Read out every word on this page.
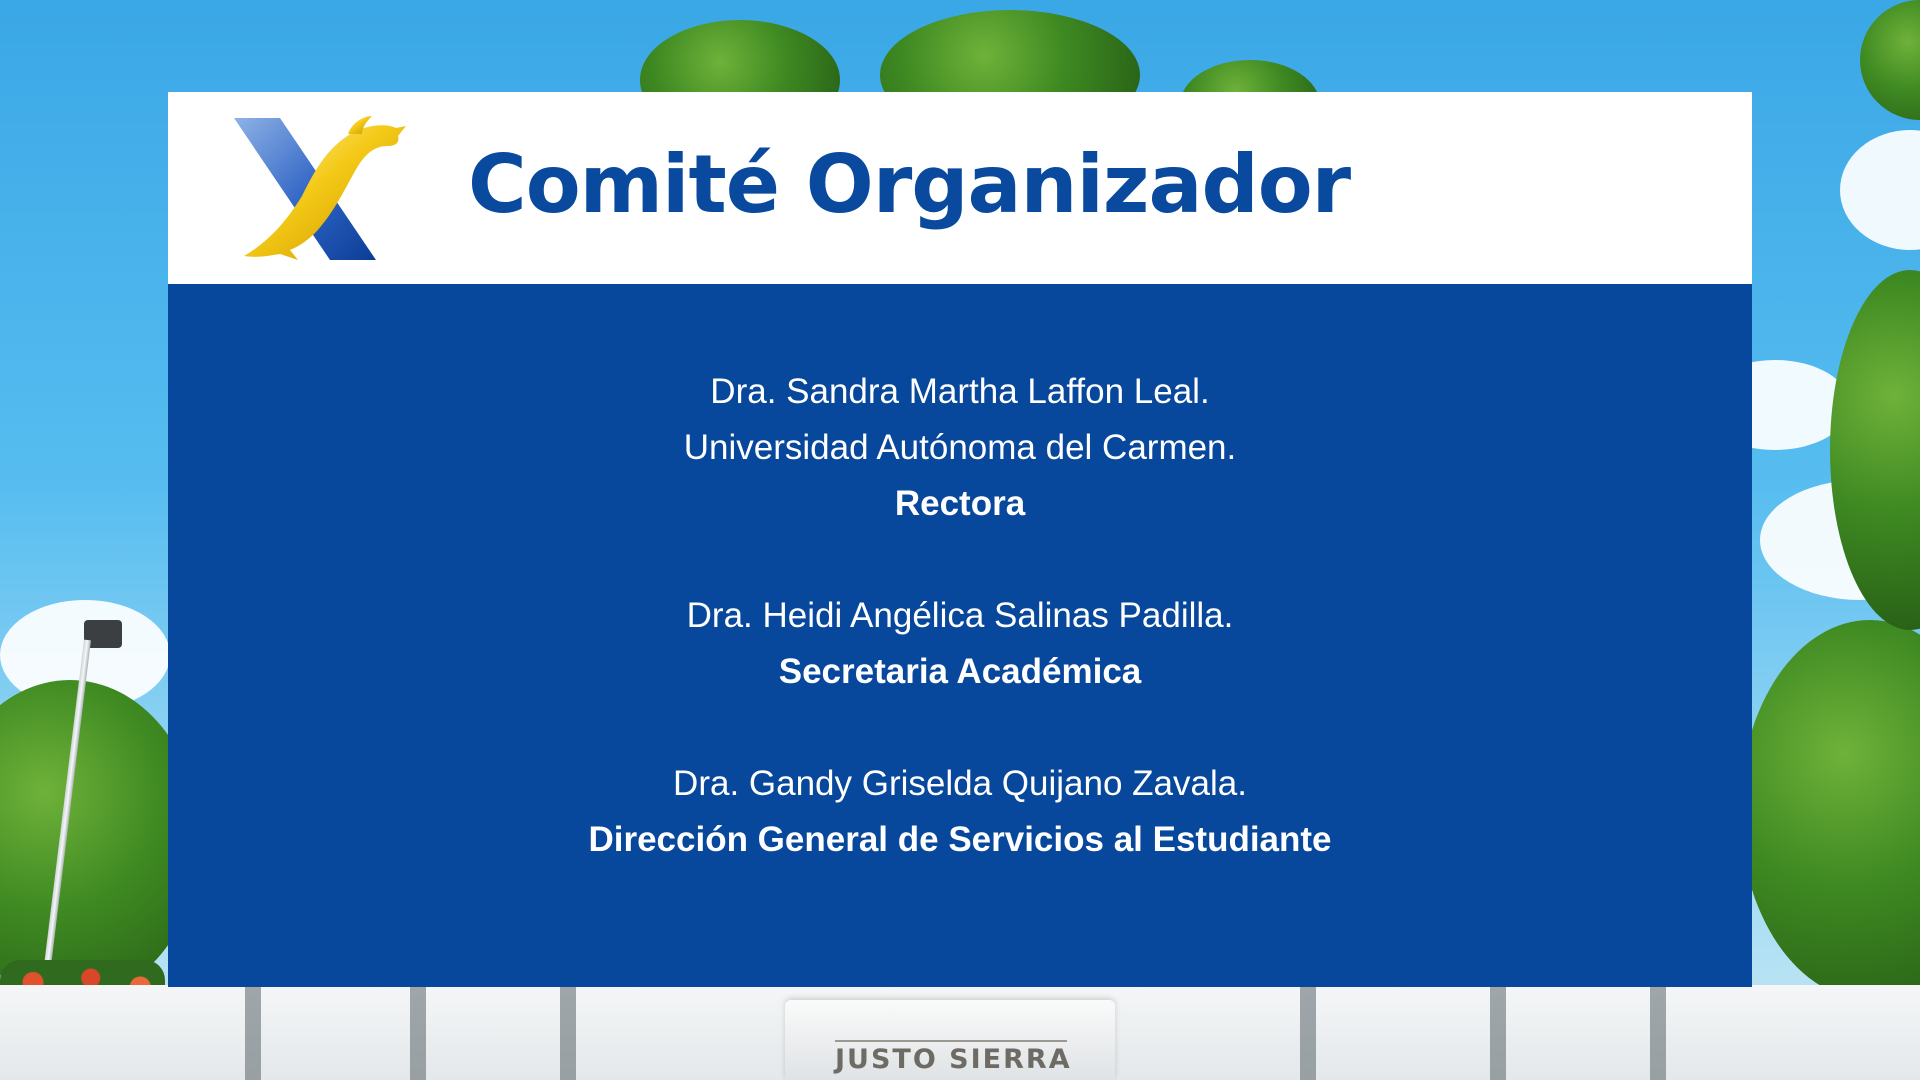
JUSTO SIERRA
Comité Organizador
Dra. Sandra Martha Laffon Leal.
Universidad Autónoma del Carmen.
Rectora
Dra. Heidi Angélica Salinas Padilla.
Secretaria Académica
Dra. Gandy Griselda Quijano Zavala.
Dirección General de Servicios al Estudiante
